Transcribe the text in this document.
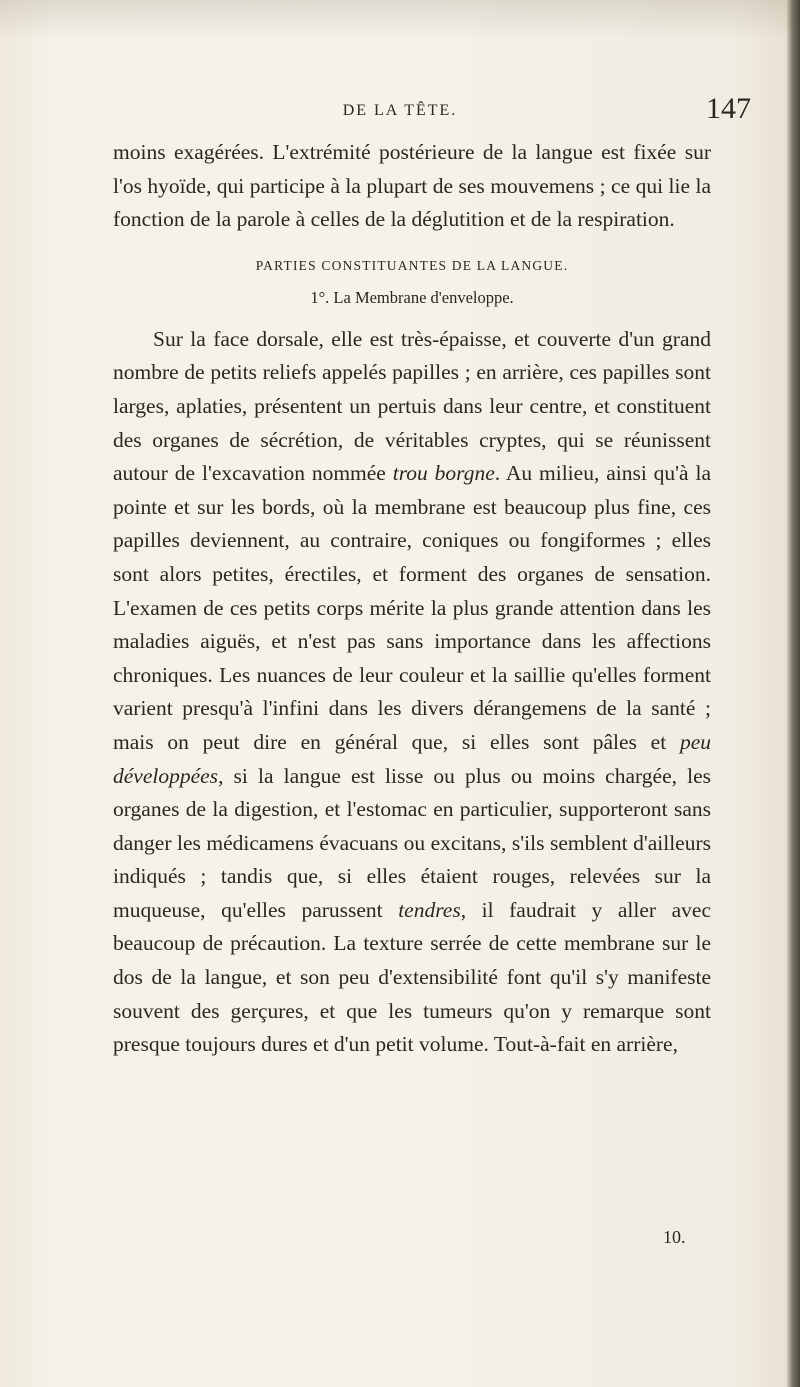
DE LA TÊTE.	147

moins exagérées. L'extrémité postérieure de la langue est fixée sur l'os hyoïde, qui participe à la plupart de ses mouvemens ; ce qui lie la fonction de la parole à celles de la déglutition et de la respiration.

PARTIES CONSTITUANTES DE LA LANGUE.
1°. La Membrane d'enveloppe.

Sur la face dorsale, elle est très-épaisse, et couverte d'un grand nombre de petits reliefs appelés papilles ; en arrière, ces papilles sont larges, aplaties, présentent un pertuis dans leur centre, et constituent des organes de sécrétion, de véritables cryptes, qui se réunissent autour de l'excavation nommée trou borgne. Au milieu, ainsi qu'à la pointe et sur les bords, où la membrane est beaucoup plus fine, ces papilles deviennent, au contraire, coniques ou fongiformes ; elles sont alors petites, érectiles, et forment des organes de sensation. L'examen de ces petits corps mérite la plus grande attention dans les maladies aiguës, et n'est pas sans importance dans les affections chroniques. Les nuances de leur couleur et la saillie qu'elles forment varient presqu'à l'infini dans les divers dérangemens de la santé ; mais on peut dire en général que, si elles sont pâles et peu développées, si la langue est lisse ou plus ou moins chargée, les organes de la digestion, et l'estomac en particulier, supporteront sans danger les médicamens évacuans ou excitans, s'ils semblent d'ailleurs indiqués ; tandis que, si elles étaient rouges, relevées sur la muqueuse, qu'elles parussent tendres, il faudrait y aller avec beaucoup de précaution. La texture serrée de cette membrane sur le dos de la langue, et son peu d'extensibilité font qu'il s'y manifeste souvent des gerçures, et que les tumeurs qu'on y remarque sont presque toujours dures et d'un petit volume. Tout-à-fait en arrière,

10.
